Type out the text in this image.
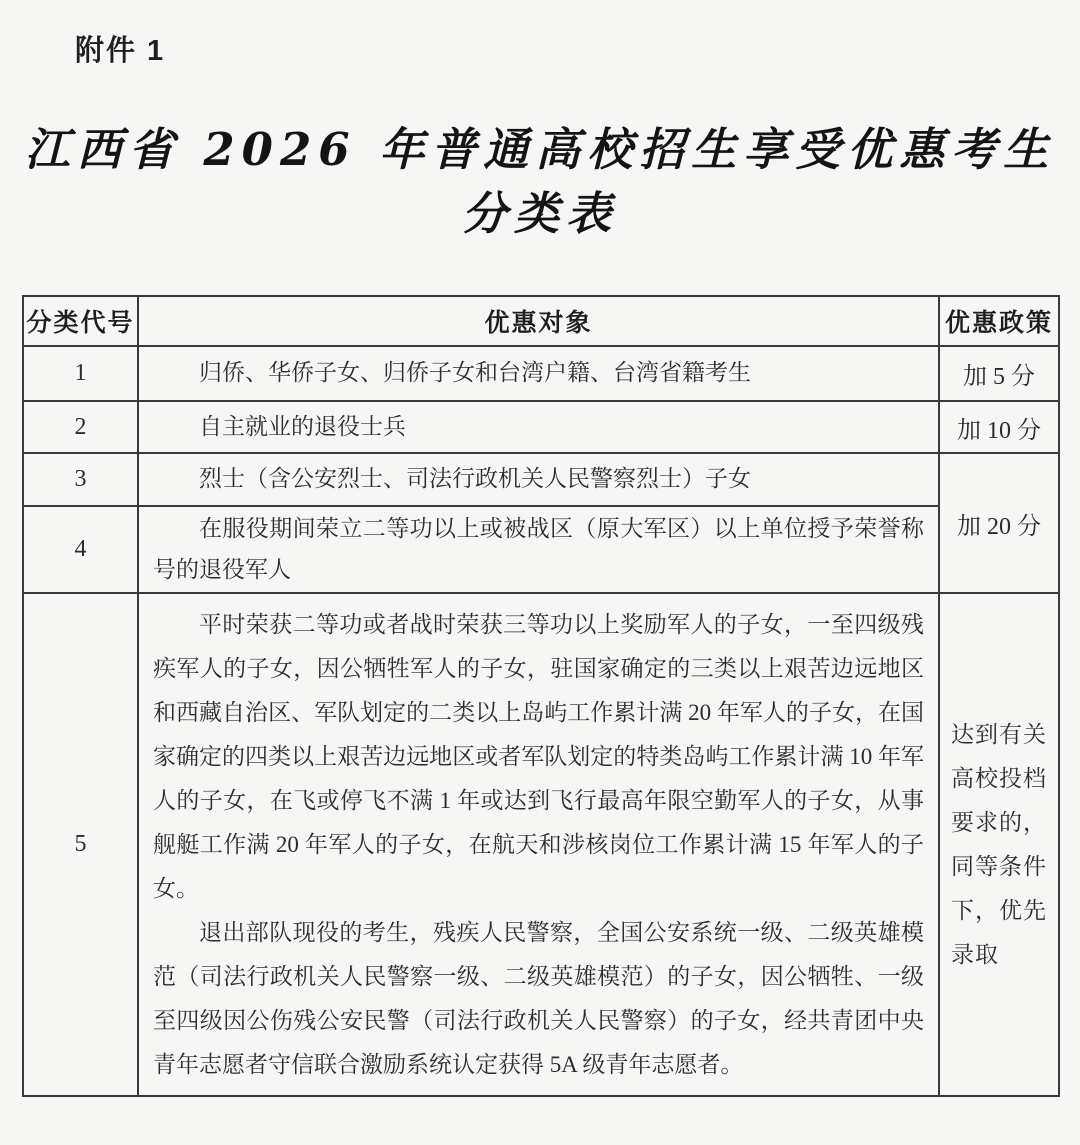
附件 1
江西省 2026 年普通高校招生享受优惠考生
分类表
分类代号	优惠对象	优惠政策
1	归侨、华侨子女、归侨子女和台湾户籍、台湾省籍考生	加 5 分
2	自主就业的退役士兵	加 10 分
3	烈士（含公安烈士、司法行政机关人民警察烈士）子女	加 20 分
4	在服役期间荣立二等功以上或被战区（原大军区）以上单位授予荣誉称号的退役军人	
5	平时荣获二等功或者战时荣获三等功以上奖励军人的子女，一至四级残疾军人的子女，因公牺牲军人的子女，驻国家确定的三类以上艰苦边远地区和西藏自治区、军队划定的二类以上岛屿工作累计满 20 年军人的子女，在国家确定的四类以上艰苦边远地区或者军队划定的特类岛屿工作累计满 10 年军人的子女，在飞或停飞不满 1 年或达到飞行最高年限空勤军人的子女，从事舰艇工作满 20 年军人的子女，在航天和涉核岗位工作累计满 15 年军人的子女。

退出部队现役的考生，残疾人民警察，全国公安系统一级、二级英雄模范（司法行政机关人民警察一级、二级英雄模范）的子女，因公牺牲、一级至四级因公伤残公安民警（司法行政机关人民警察）的子女，经共青团中央青年志愿者守信联合激励系统认定获得 5A 级青年志愿者。	达到有关高校投档要求的，同等条件下，优先录取
